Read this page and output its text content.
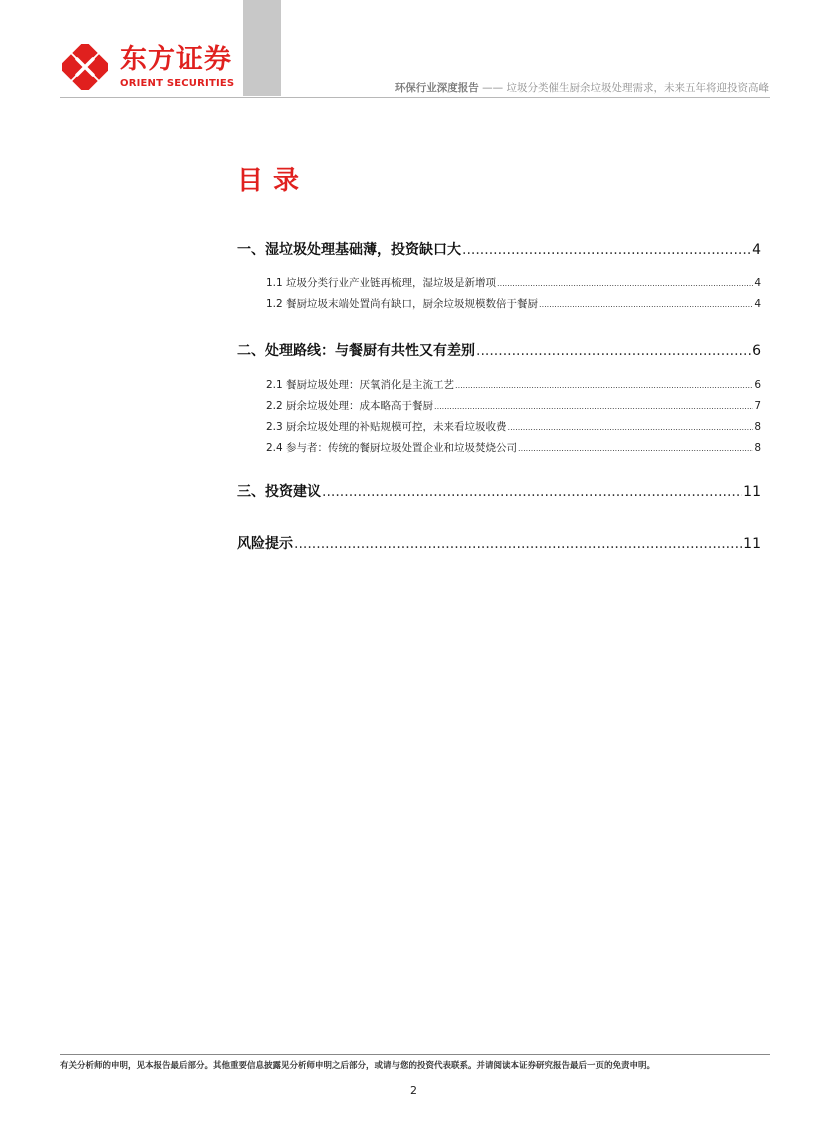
东方证券
ORIENT SECURITIES	环保行业深度报告 —— 垃圾分类催生厨余垃圾处理需求，未来五年将迎投资高峰
目录
一、湿垃圾处理基础薄，投资缺口大 .....	4
1.1 垃圾分类行业产业链再梳理，湿垃圾是新增项 .....	4
1.2 餐厨垃圾末端处置尚有缺口，厨余垃圾规模数倍于餐厨 .....	4
二、处理路线：与餐厨有共性又有差别 .....	6
2.1 餐厨垃圾处理：厌氧消化是主流工艺 .....	6
2.2 厨余垃圾处理：成本略高于餐厨 .....	7
2.3 厨余垃圾处理的补贴规模可控，未来看垃圾收费 .....	8
2.4 参与者：传统的餐厨垃圾处置企业和垃圾焚烧公司 .....	8
三、投资建议 .....	11
风险提示 .....	11
有关分析师的申明，见本报告最后部分。其他重要信息披露见分析师申明之后部分，或请与您的投资代表联系。并请阅读本证券研究报告最后一页的免责申明。
2
